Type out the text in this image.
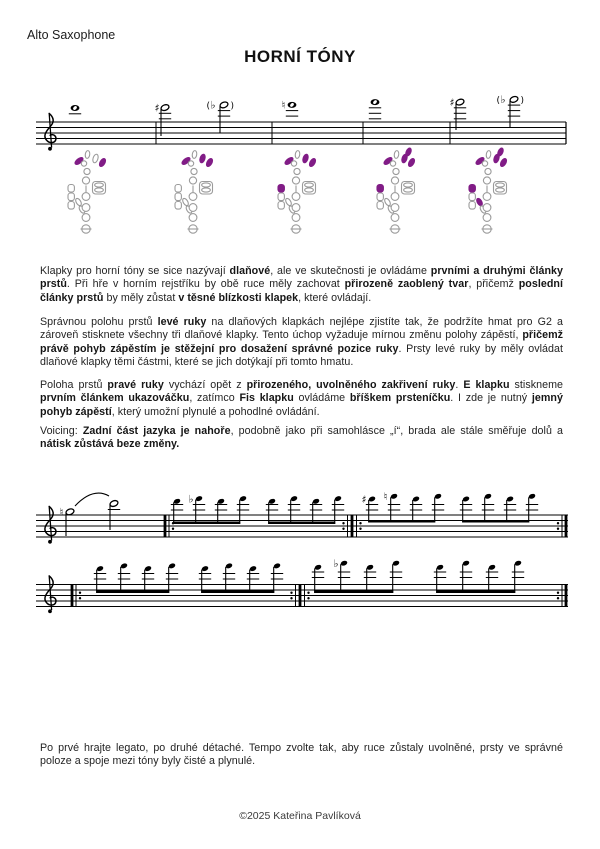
Alto Saxophone
HORNÍ TÓNY
♯	♭
( )	♮	♯	♭
( )
♮
♭	♯ ♮
♭
Klapky pro horní tóny se sice nazývají dlaňové, ale ve skutečnosti je ovládáme prvními a druhými články prstů. Při hře v horním rejstříku by obě ruce měly zachovat přirozeně zaoblený tvar, přičemž poslední články prstů by měly zůstat v těsné blízkosti klapek, které ovládají.
Správnou polohu prstů levé ruky na dlaňových klapkách nejlépe zjistíte tak, že podržíte hmat pro G2 a zároveň stisknete všechny tři dlaňové klapky. Tento úchop vyžaduje mírnou změnu polohy zápěstí, přičemž právě pohyb zápěstím je stěžejní pro dosažení správné pozice ruky. Prsty levé ruky by měly ovládat dlaňové klapky těmi částmi, které se jich dotýkají při tomto hmatu.
Poloha prstů pravé ruky vychází opět z přirozeného, uvolněného zakřivení ruky. E klapku stiskneme prvním článkem ukazováčku, zatímco Fis klapku ovládáme bříškem prsteníčku. I zde je nutný jemný pohyb zápěstí, který umožní plynulé a pohodlné ovládání.
Voicing: Zadní část jazyka je nahoře, podobně jako při samohlásce „í“, brada ale stále směřuje dolů a nátisk zůstává beze změny.
Po prvé hrajte legato, po druhé détaché. Tempo zvolte tak, aby ruce zůstaly uvolněné, prsty ve správné poloze a spoje mezi tóny byly čisté a plynulé.
©2025 Kateřina Pavlíková
